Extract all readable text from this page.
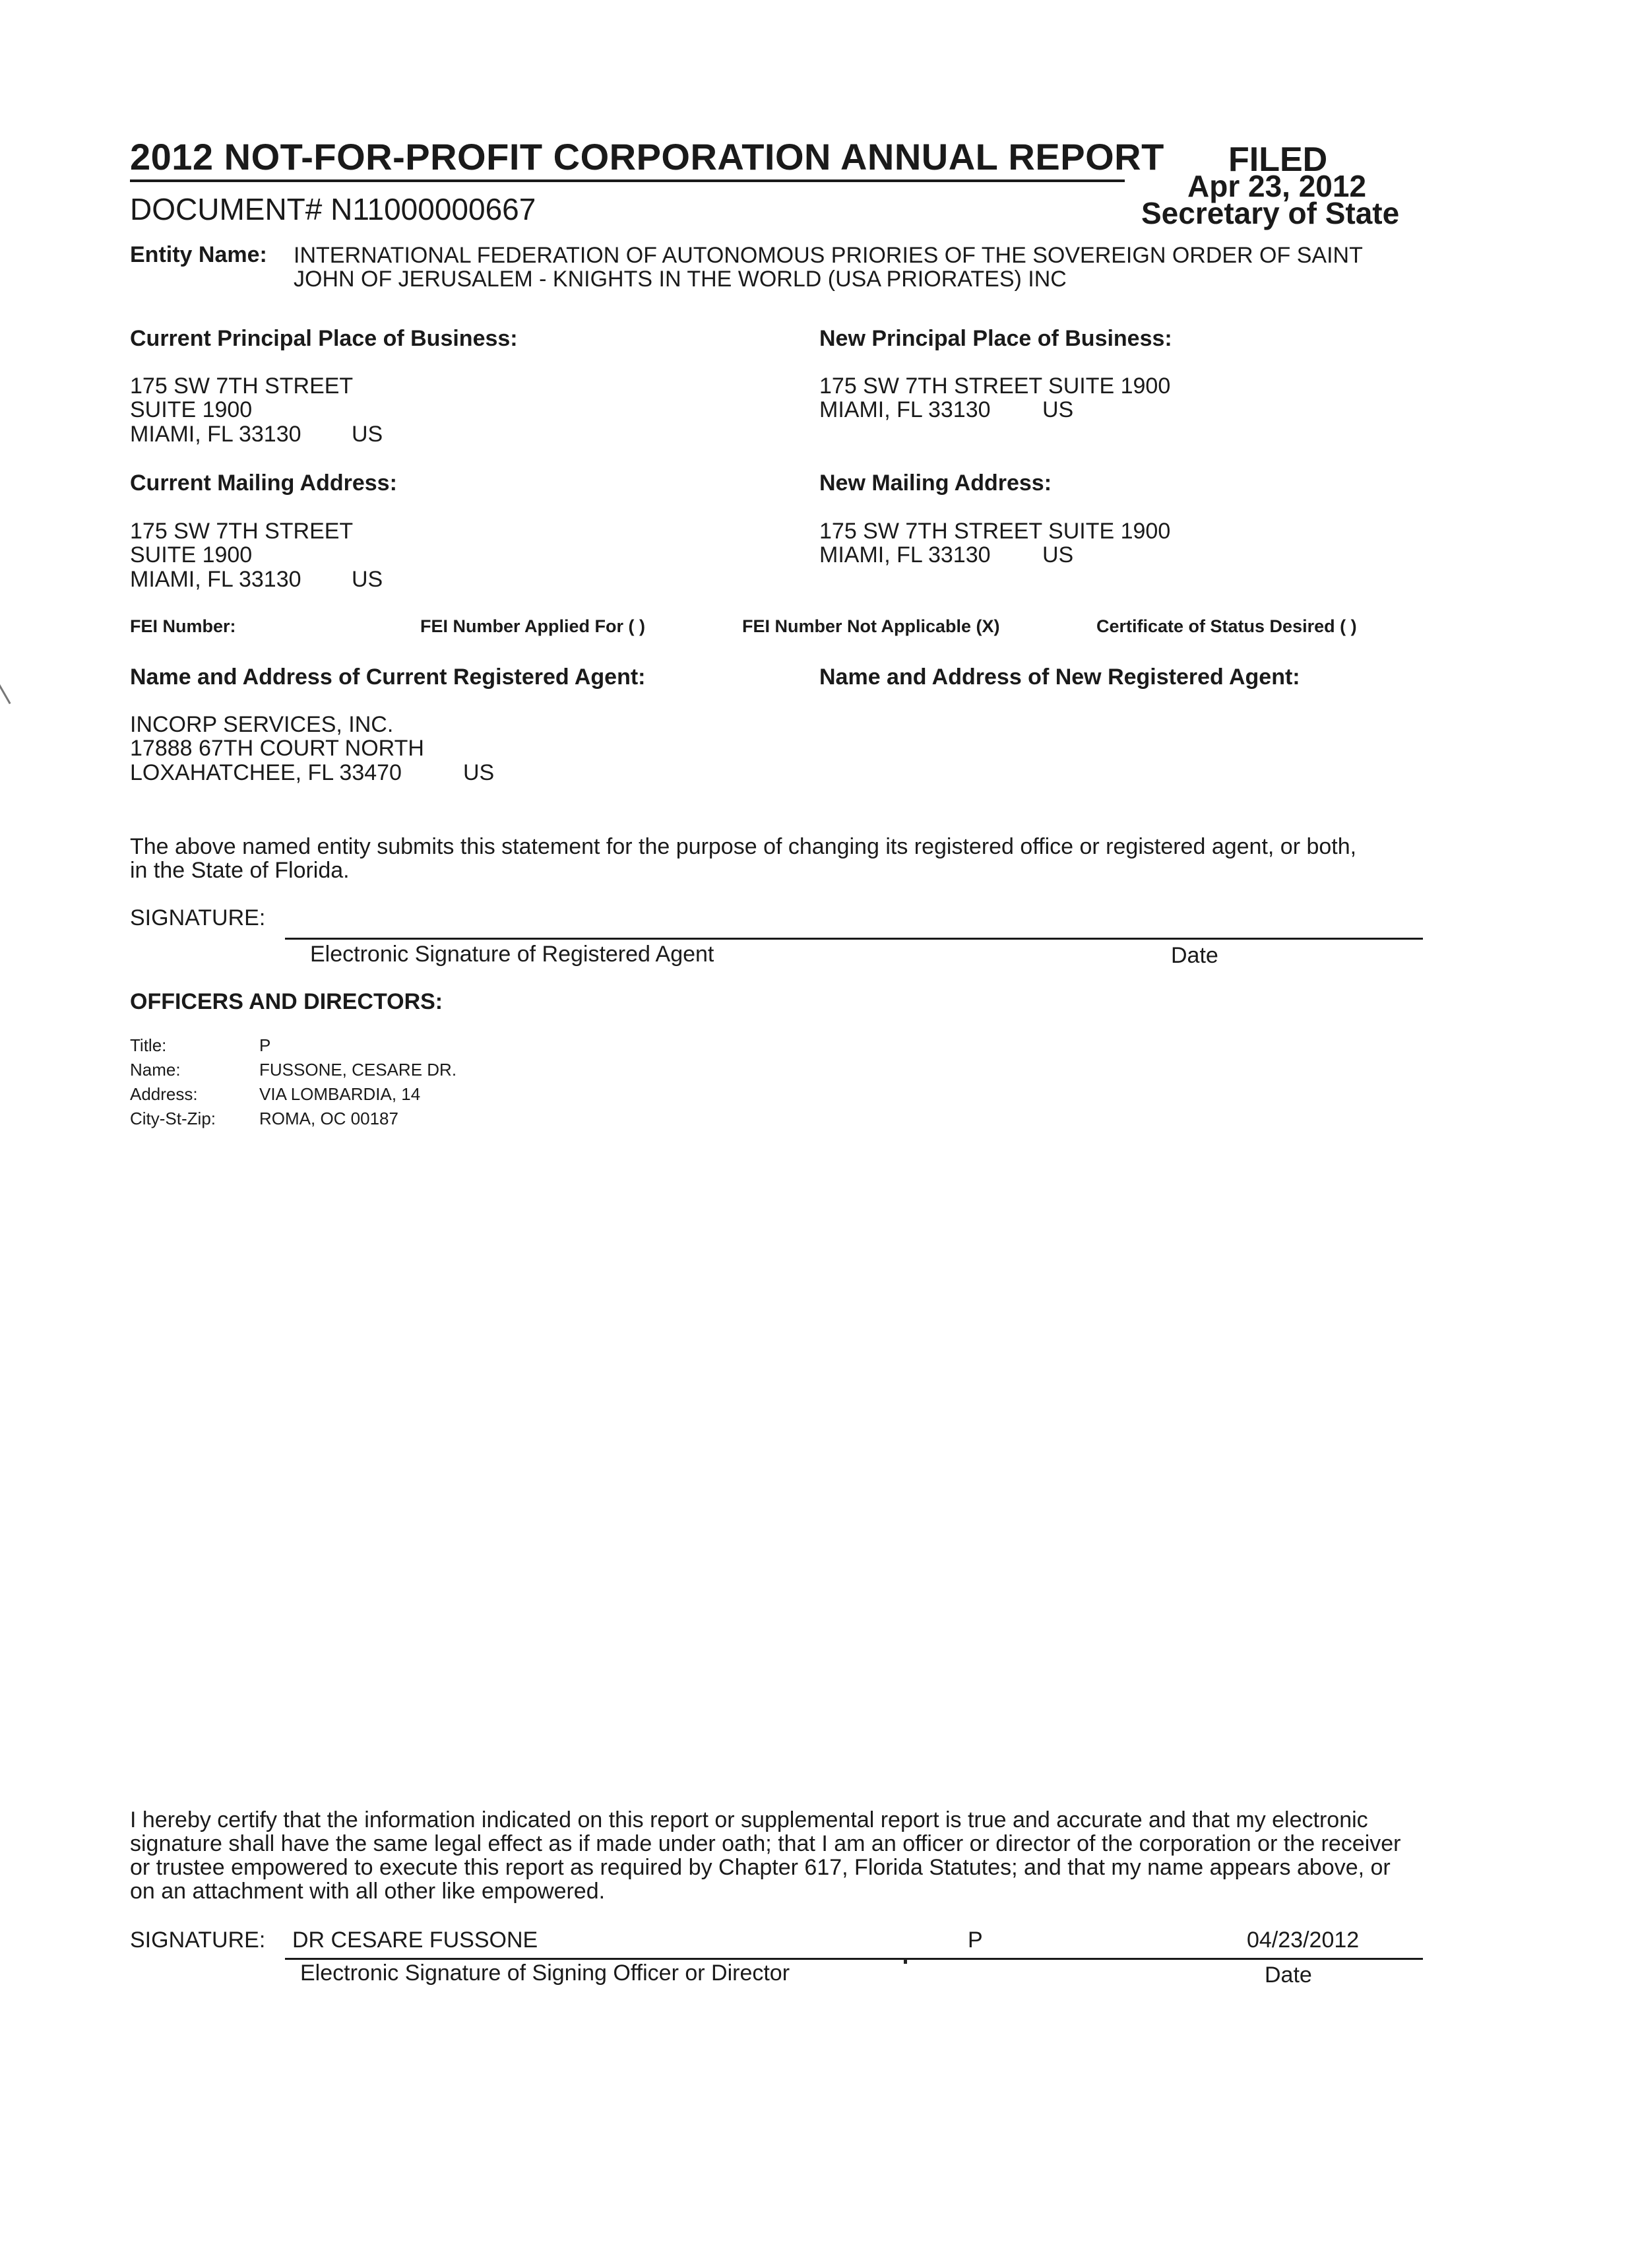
2012 NOT-FOR-PROFIT CORPORATION ANNUAL REPORT
DOCUMENT# N11000000667
FILED
Apr 23, 2012
Secretary of State
Entity Name: INTERNATIONAL FEDERATION OF AUTONOMOUS PRIORIES OF THE SOVEREIGN ORDER OF SAINT
JOHN OF JERUSALEM - KNIGHTS IN THE WORLD (USA PRIORATES) INC
Current Principal Place of Business:
175 SW 7TH STREET
SUITE 1900
MIAMI, FL 33130 US
New Principal Place of Business:
175 SW 7TH STREET SUITE 1900
MIAMI, FL 33130 US
Current Mailing Address:
175 SW 7TH STREET
SUITE 1900
MIAMI, FL 33130 US
New Mailing Address:
175 SW 7TH STREET SUITE 1900
MIAMI, FL 33130 US
FEI Number:	FEI Number Applied For ( )	FEI Number Not Applicable (X)	Certificate of Status Desired ( )
Name and Address of Current Registered Agent:
INCORP SERVICES, INC.
17888 67TH COURT NORTH
LOXAHATCHEE, FL 33470	US
Name and Address of New Registered Agent:
The above named entity submits this statement for the purpose of changing its registered office or registered agent, or both,
in the State of Florida.
SIGNATURE:
Electronic Signature of Registered Agent	Date
OFFICERS AND DIRECTORS:
Title:	P
Name:	FUSSONE, CESARE DR.
Address:	VIA LOMBARDIA, 14
City-St-Zip:	ROMA, OC 00187
I hereby certify that the information indicated on this report or supplemental report is true and accurate and that my electronic
signature shall have the same legal effect as if made under oath; that I am an officer or director of the corporation or the receiver
or trustee empowered to execute this report as required by Chapter 617, Florida Statutes; and that my name appears above, or
on an attachment with all other like empowered.
SIGNATURE: DR CESARE FUSSONE	P	04/23/2012
Electronic Signature of Signing Officer or Director	Date
